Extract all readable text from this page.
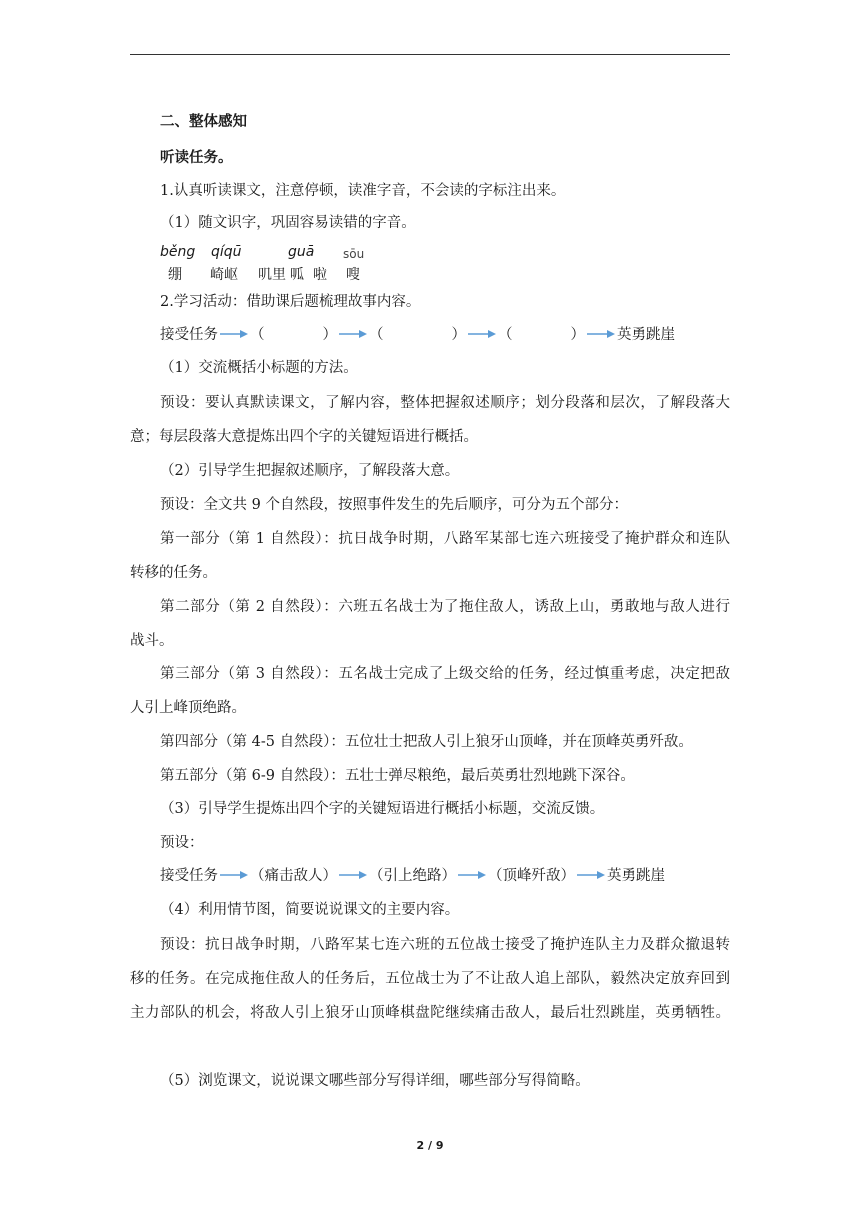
二、整体感知
听读任务。
1.认真听读课文，注意停顿，读准字音，不会读的字标注出来。
（1）随文识字，巩固容易读错的字音。
běng qíqū	guā sōu
绷 崎岖 叽里 呱 啦 嗖
2.学习活动：借助课后题梳理故事内容。
接受任务 （	） （	） （	） 英勇跳崖
（1）交流概括小标题的方法。
预设：要认真默读课文，了解内容，整体把握叙述顺序；划分段落和层次，了解段落大
意；每层段落大意提炼出四个字的关键短语进行概括。
（2）引导学生把握叙述顺序，了解段落大意。
预设：全文共 9 个自然段，按照事件发生的先后顺序，可分为五个部分：
第一部分（第 1 自然段）：抗日战争时期，八路军某部七连六班接受了掩护群众和连队
转移的任务。
第二部分（第 2 自然段）：六班五名战士为了拖住敌人，诱敌上山，勇敢地与敌人进行
战斗。
第三部分（第 3 自然段）：五名战士完成了上级交给的任务，经过慎重考虑，决定把敌
人引上峰顶绝路。
第四部分（第 4-5 自然段）：五位壮士把敌人引上狼牙山顶峰，并在顶峰英勇歼敌。
第五部分（第 6-9 自然段）：五壮士弹尽粮绝，最后英勇壮烈地跳下深谷。
（3）引导学生提炼出四个字的关键短语进行概括小标题，交流反馈。
预设：
接受任务 （痛击敌人） （引上绝路） （顶峰歼敌） 英勇跳崖
（4）利用情节图，简要说说课文的主要内容。
预设：抗日战争时期，八路军某七连六班的五位战士接受了掩护连队主力及群众撤退转
移的任务。在完成拖住敌人的任务后，五位战士为了不让敌人追上部队，毅然决定放弃回到
主力部队的机会，将敌人引上狼牙山顶峰棋盘陀继续痛击敌人，最后壮烈跳崖，英勇牺牲。
（5）浏览课文，说说课文哪些部分写得详细，哪些部分写得简略。
2 / 9
